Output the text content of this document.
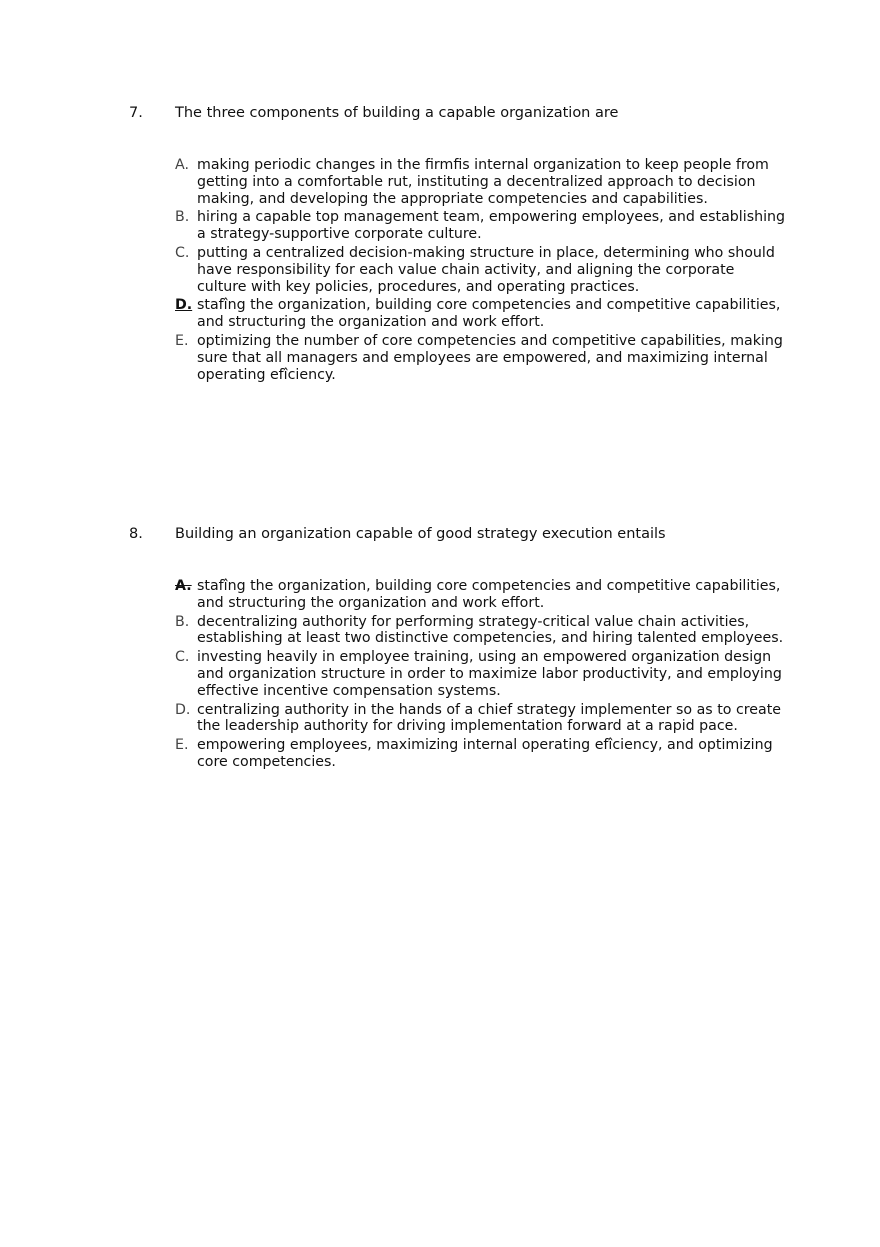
7. The three components of building a capable organization are
A. making periodic changes in the firmfis internal organization to keep people from getting into a comfortable rut, instituting a decentralized approach to decision making, and developing the appropriate competencies and capabilities.
B. hiring a capable top management team, empowering employees, and establishing a strategy-supportive corporate culture.
C. putting a centralized decision-making structure in place, determining who should have responsibility for each value chain activity, and aligning the corporate culture with key policies, procedures, and operating practices.
D. stafîng the organization, building core competencies and competitive capabilities, and structuring the organization and work effort.
E. optimizing the number of core competencies and competitive capabilities, making sure that all managers and employees are empowered, and maximizing internal operating efîciency.
8. Building an organization capable of good strategy execution entails
A. stafîng the organization, building core competencies and competitive capabilities, and structuring the organization and work effort.
B. decentralizing authority for performing strategy-critical value chain activities, establishing at least two distinctive competencies, and hiring talented employees.
C. investing heavily in employee training, using an empowered organization design and organization structure in order to maximize labor productivity, and employing effective incentive compensation systems.
D. centralizing authority in the hands of a chief strategy implementer so as to create the leadership authority for driving implementation forward at a rapid pace.
E. empowering employees, maximizing internal operating efîciency, and optimizing core competencies.
